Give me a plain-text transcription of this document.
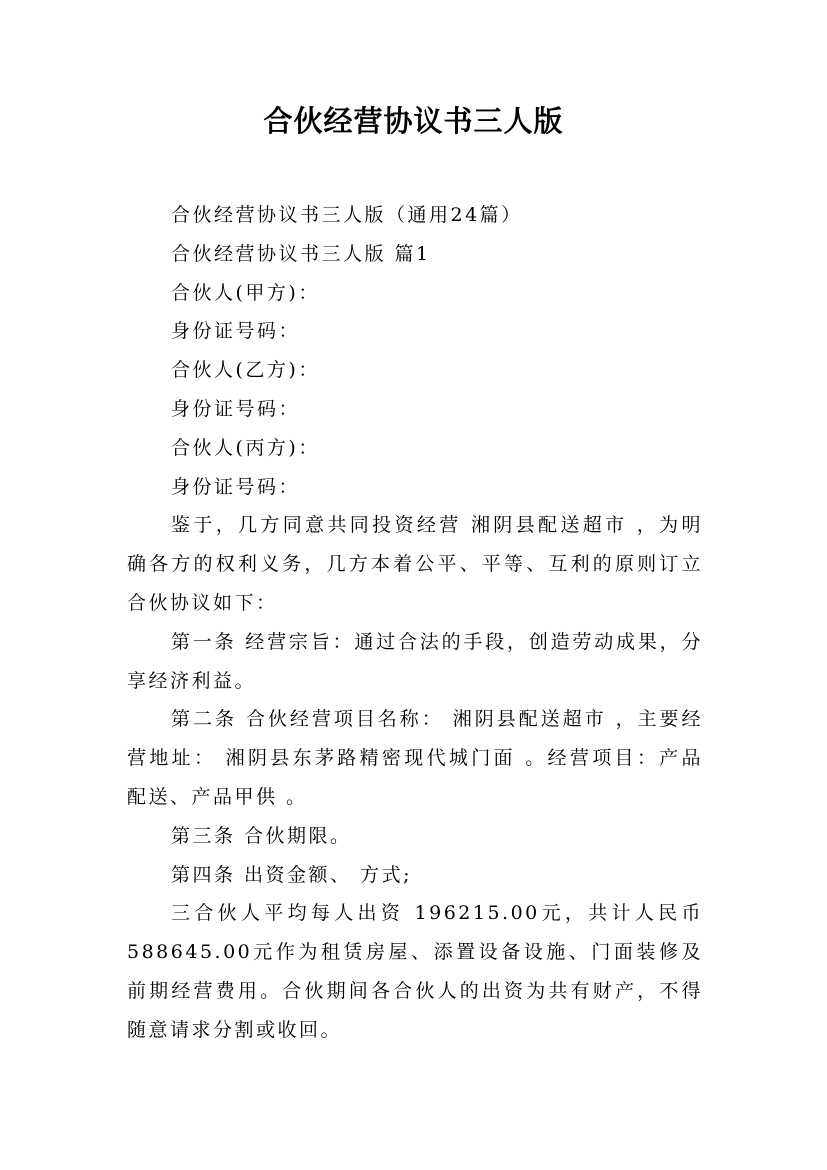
合伙经营协议书三人版
合伙经营协议书三人版（通用24篇）
合伙经营协议书三人版 篇1
合伙人(甲方)：
身份证号码：
合伙人(乙方)：
身份证号码：
合伙人(丙方)：
身份证号码：

鉴于，几方同意共同投资经营 湘阴县配送超市 ，为明确各方的权利义务，几方本着公平、平等、互利的原则订立合伙协议如下：

第一条 经营宗旨：通过合法的手段，创造劳动成果，分享经济利益。

第二条 合伙经营项目名称： 湘阴县配送超市 ，主要经营地址： 湘阴县东茅路精密现代城门面 。经营项目：产品配送、产品甲供 。

第三条 合伙期限。
第四条 出资金额、 方式;

三合伙人平均每人出资 196215.00元，共计人民币588645.00元作为租赁房屋、添置设备设施、门面装修及前期经营费用。合伙期间各合伙人的出资为共有财产，不得随意请求分割或收回。
